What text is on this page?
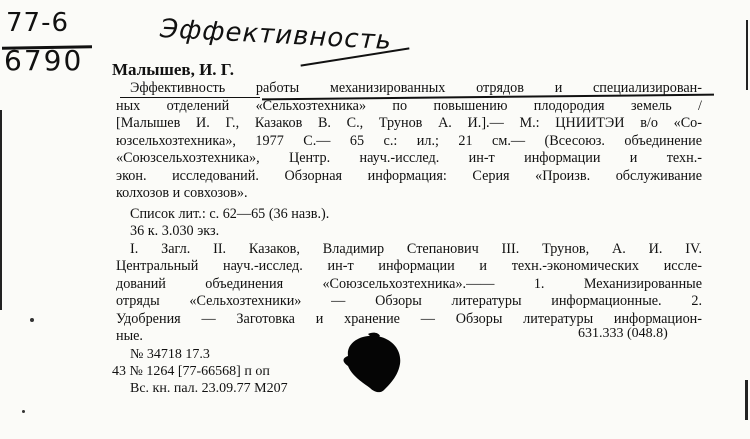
77-6
6790
Эффективность
Малышев, И. Г.
Эффективность работы механизированных отрядов и специализирован-
ных отделений «Сельхозтехника» по повышению плодородия земель /
[Малышев И. Г., Казаков В. С., Трунов А. И.].— М.: ЦНИИТЭИ в/о «Со-
юзсельхозтехника», 1977 С.— 65 с.: ил.; 21 см.— (Всесоюз. объединение
«Союзсельхозтехника», Центр. науч.-исслед. ин-т информации и техн.-
экон. исследований. Обзорная информация: Серия «Произв. обслуживание
колхозов и совхозов».
Список лит.: с. 62—65 (36 назв.).
36 к. 3.030 экз.
I. Загл. II. Казаков, Владимир Степанович III. Трунов, А. И. IV.
Центральный науч.-исслед. ин-т информации и техн.-экономических иссле-
дований объединения «Союзсельхозтехника».—— 1. Механизированные
отряды «Сельхозтехники» — Обзоры литературы информационные. 2.
Удобрения — Заготовка и хранение — Обзоры литературы информацион-
ные.	631.333 (048.8)
№ 34718 17.3
43 № 1264 [77-66568] п оп
Вс. кн. пал. 23.09.77 М207
